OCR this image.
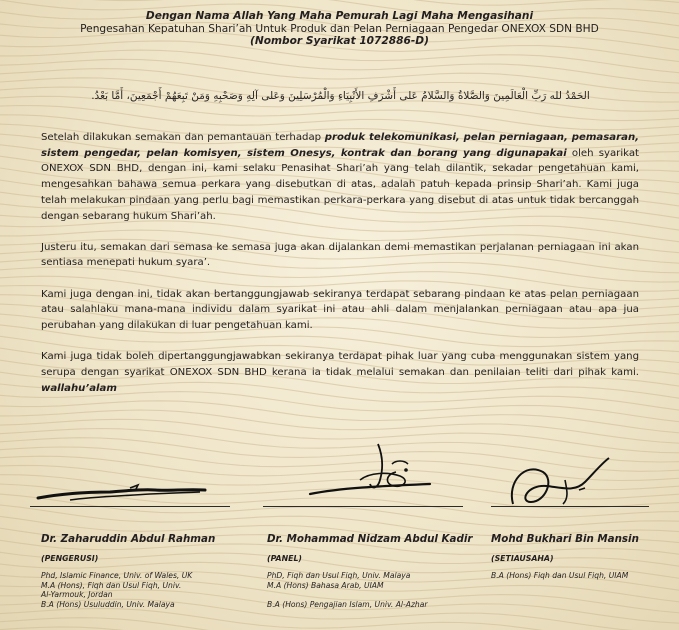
Dengan Nama Allah Yang Maha Pemurah Lagi Maha Mengasihani
Pengesahan Kepatuhan Shari’ah Untuk Produk dan Pelan Perniagaan Pengedar ONEXOX SDN BHD
(Nombor Syarikat 1072886-D)
الحَمْدُ لله رَبِّ الْعَالَمِينَ وَالصَّلاةُ وَالسَّلامُ عَلى أَشْرَفِ الأَنْبِيَاءِ وَالْمُرْسَلِينَ وَعَلى آلِهِ وَصَحْبِهِ وَمَنْ تَبِعَهُمْ أَجْمَعِينَ، أَمَّا بَعْدُ.

Setelah dilakukan semakan dan pemantauan terhadap produk telekomunikasi, pelan perniagaan, pemasaran, sistem pengedar, pelan komisyen, sistem Onesys, kontrak dan borang yang digunapakai oleh syarikat ONEXOX SDN BHD, dengan ini, kami selaku Penasihat Shari’ah yang telah dilantik, sekadar pengetahuan kami, mengesahkan bahawa semua perkara yang disebutkan di atas, adalah patuh kepada prinsip Shari’ah. Kami juga telah melakukan pindaan yang perlu bagi memastikan perkara-perkara yang disebut di atas untuk tidak bercanggah dengan sebarang hukum Shari’ah.

Justeru itu, semakan dari semasa ke semasa juga akan dijalankan demi memastikan perjalanan perniagaan ini akan sentiasa menepati hukum syara’.

Kami juga dengan ini, tidak akan bertanggungjawab sekiranya terdapat sebarang pindaan ke atas pelan perniagaan atau salahlaku mana-mana individu dalam syarikat ini atau ahli dalam menjalankan perniagaan atau apa jua perubahan yang dilakukan di luar pengetahuan kami.

Kami juga tidak boleh dipertanggungjawabkan sekiranya terdapat pihak luar yang cuba menggunakan sistem yang serupa dengan syarikat ONEXOX SDN BHD kerana ia tidak melalui semakan dan penilaian teliti dari pihak kami. wallahu’alam

Dr. Zaharuddin Abdul Rahman
(PENGERUSI)
Phd, Islamic Finance, Univ. of Wales, UK
M.A (Hons), Fiqh dan Usul Fiqh, Univ.
Al-Yarmouk, Jordan
B.A (Hons) Usuluddin, Univ. Malaya
Dr. Mohammad Nidzam Abdul Kadir
(PANEL)
PhD, Fiqh dan Usul Fiqh, Univ. Malaya
M.A (Hons) Bahasa Arab, UIAM

B.A (Hons) Pengajian Islam, Univ. Al-Azhar
Mohd Bukhari Bin Mansin
(SETIAUSAHA)
B.A (Hons) Fiqh dan Usul Fiqh, UIAM
